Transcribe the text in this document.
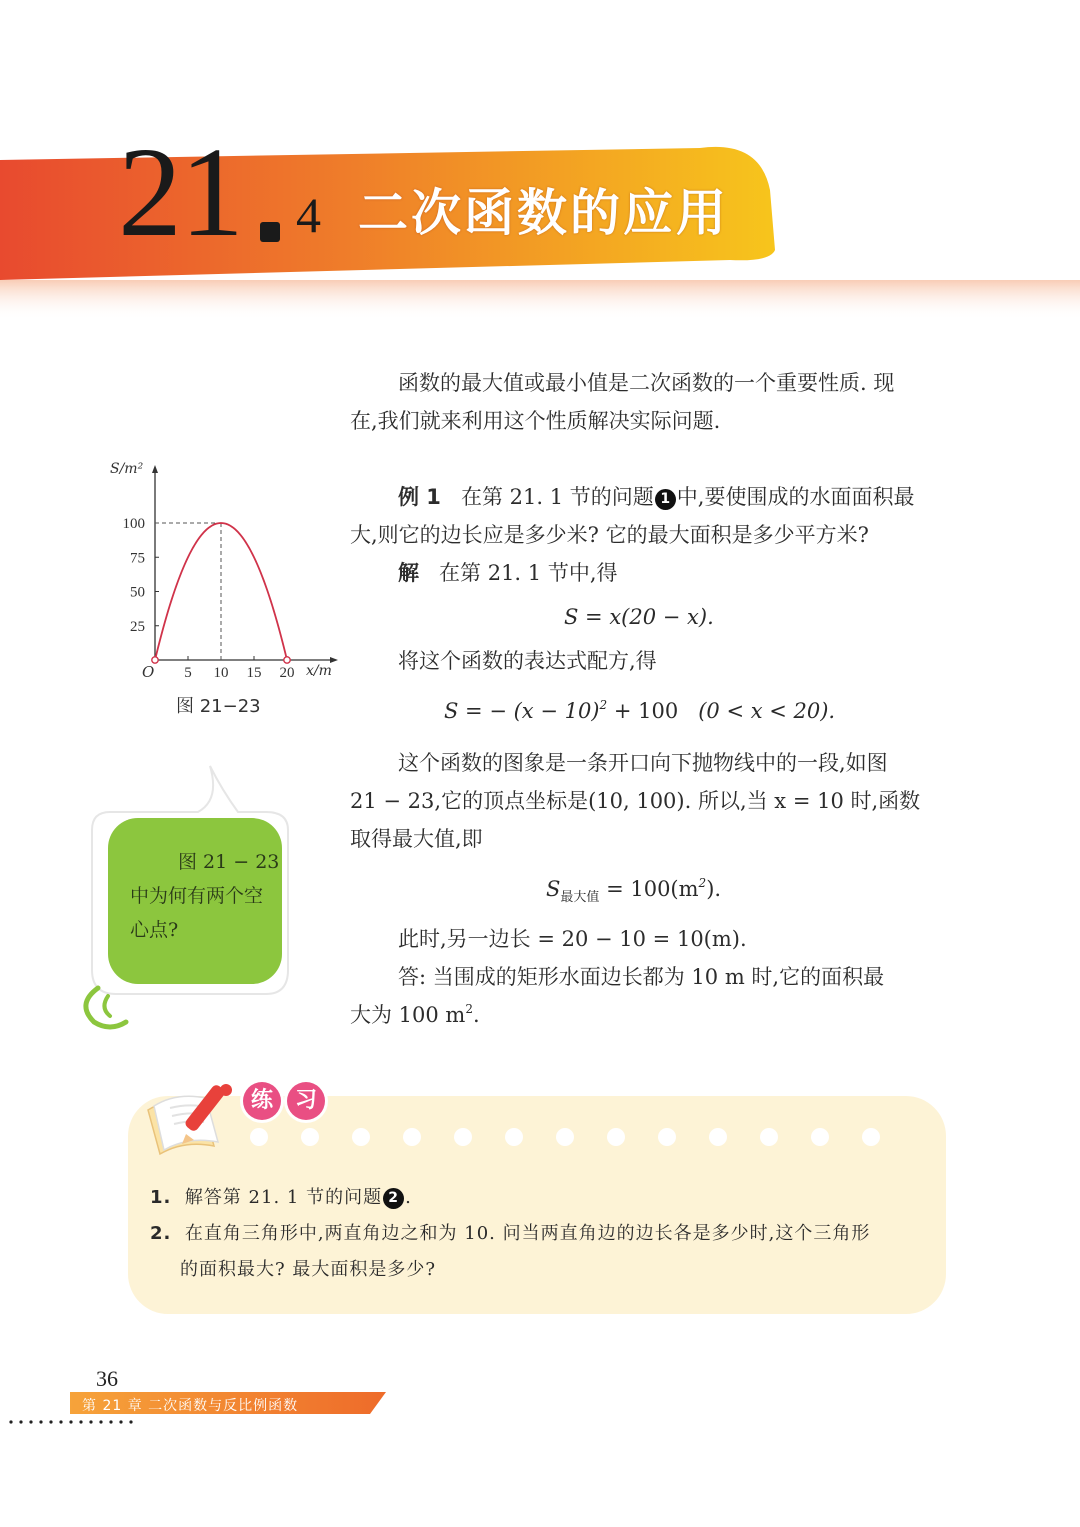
21 4 二次函数的应用
函数的最大值或最小值是二次函数的一个重要性质. 现
在,我们就来利用这个性质解决实际问题.
例 1 在第 21. 1 节的问题 1 中,要使围成的水面面积最
大,则它的边长应是多少米? 它的最大面积是多少平方米?
解 在第 21. 1 节中,得
S = x(20 − x).
将这个函数的表达式配方,得
S = − $(x - 10)^2 + 100$ (0 < x < 20).
这个函数的图象是一条开口向下抛物线中的一段,如图
21 − 23,它的顶点坐标是(10, 100). 所以,当 x = 10 时,函数
取得最大值,即
$S_{最大值} = 100(m^2)$.
此时,另一边长 = 20 − 10 = 10(m).
答: 当围成的矩形水面边长都为 10 m 时,它的面积最
大为 100 $m^2$.
S/m²
x/m
O 5 10 15 20
25
50
75
100
图 21−23
图 21 − 23
中为何有两个空
心点?
练 习
1. 解答第 21. 1 节的问题 2 .
2. 在直角三角形中,两直角边之和为 10. 问当两直角边的边长各是多少时,这个三角形
的面积最大? 最大面积是多少?
36
第 21 章 二次函数与反比例函数
